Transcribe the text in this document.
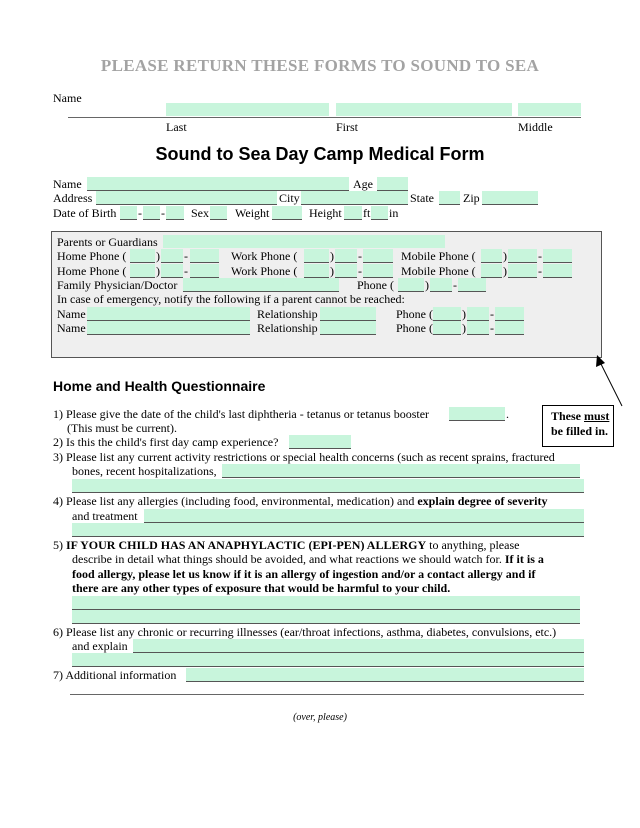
PLEASE RETURN THESE FORMS TO SOUND TO SEA
Name
Last	First	Middle
Sound to Sea Day Camp Medical Form
Name	Age
Address	City	State Zip
Date of Birth - - Sex Weight	Height ft in
Parents or Guardians
Home Phone ( ) -	Work Phone (	) -	Mobile Phone ( )	-
Home Phone ( ) -	Work Phone (	) -	Mobile Phone ( )	-
Family Physician/Doctor	Phone (	) -
In case of emergency, notify the following if a parent cannot be reached:
Name	Relationship	Phone ( ) -
Name	Relationship	Phone ( ) -
These must
be filled in.
Home and Health Questionnaire
1) Please give the date of the child's last diphtheria - tetanus or tetanus booster	.
(This must be current).
2) Is this the child's first day camp experience?
3) Please list any current activity restrictions or special health concerns (such as recent sprains, fractured
bones, recent hospitalizations,
4) Please list any allergies (including food, environmental, medication) and explain degree of severity
and treatment
5) IF YOUR CHILD HAS AN ANAPHYLACTIC (EPI-PEN) ALLERGY to anything, please
describe in detail what things should be avoided, and what reactions we should watch for. If it is a
food allergy, please let us know if it is an allergy of ingestion and/or a contact allergy and if
there are any other types of exposure that would be harmful to your child.
6) Please list any chronic or recurring illnesses (ear/throat infections, asthma, diabetes, convulsions, etc.)
and explain
7) Additional information
(over, please)
